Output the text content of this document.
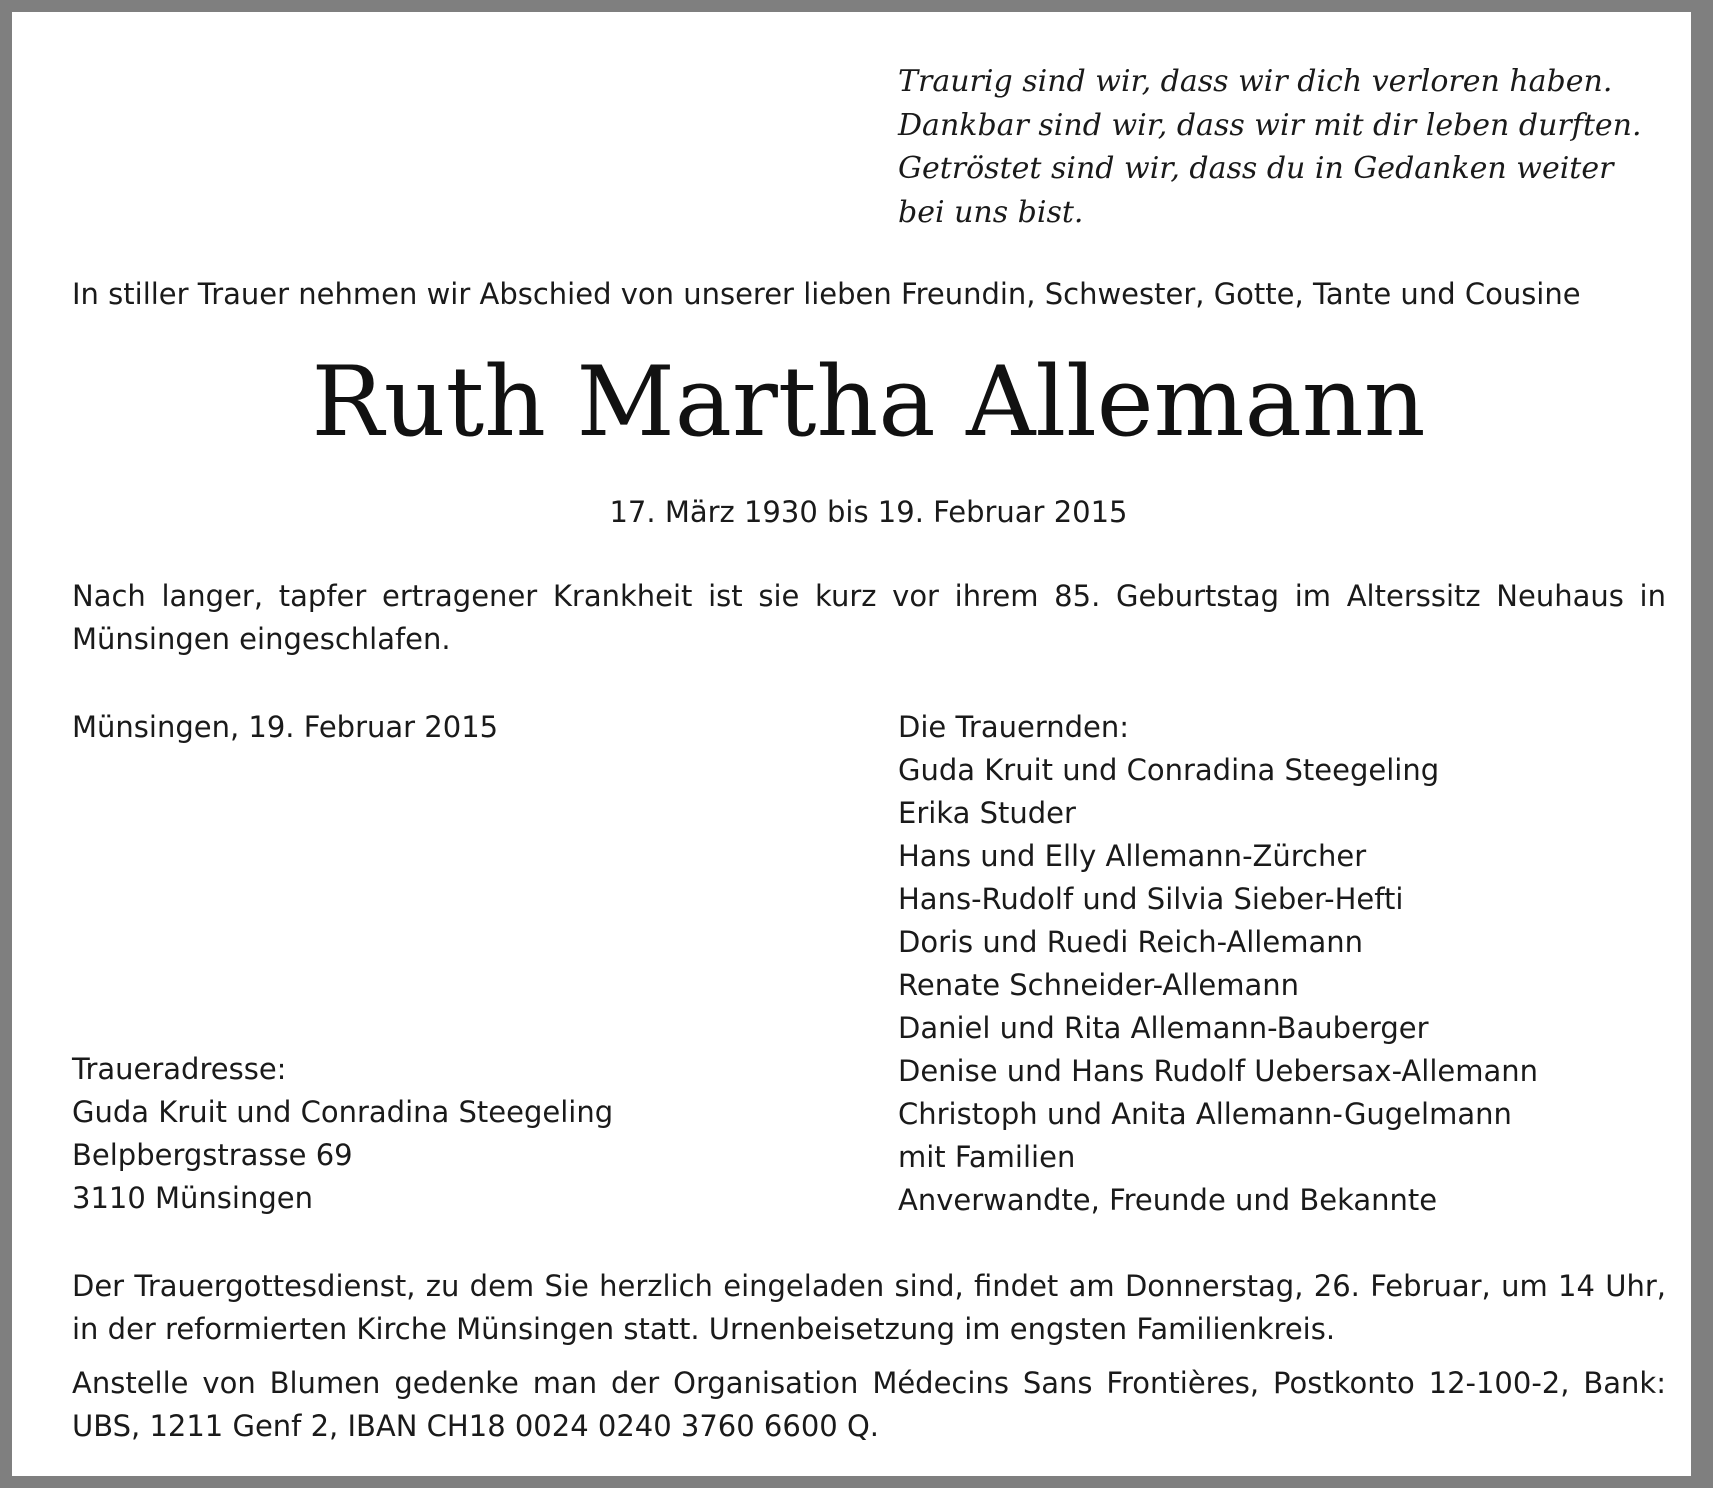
Traurig sind wir, dass wir dich verloren haben.
Dankbar sind wir, dass wir mit dir leben durften.
Getröstet sind wir, dass du in Gedanken weiter
bei uns bist.

In stiller Trauer nehmen wir Abschied von unserer lieben Freundin, Schwester, Gotte, Tante und Cousine

Ruth Martha Allemann

17. März 1930 bis 19. Februar 2015

Nach langer, tapfer ertragener Krankheit ist sie kurz vor ihrem 85. Geburtstag im Alterssitz Neuhaus in Münsingen eingeschlafen.

Münsingen, 19. Februar 2015	Die Trauernden:
Guda Kruit und Conradina Steegeling
Erika Studer
Hans und Elly Allemann-Zürcher
Hans-Rudolf und Silvia Sieber-Hefti
Doris und Ruedi Reich-Allemann
Renate Schneider-Allemann
Daniel und Rita Allemann-Bauberger
Denise und Hans Rudolf Uebersax-Allemann
Christoph und Anita Allemann-Gugelmann
mit Familien
Anverwandte, Freunde und Bekannte
Traueradresse:
Guda Kruit und Conradina Steegeling
Belpbergstrasse 69
3110 Münsingen

Der Trauergottesdienst, zu dem Sie herzlich eingeladen sind, findet am Donnerstag, 26. Februar, um 14 Uhr, in der reformierten Kirche Münsingen statt. Urnenbeisetzung im engsten Familienkreis.

Anstelle von Blumen gedenke man der Organisation Médecins Sans Frontières, Postkonto 12-100-2, Bank: UBS, 1211 Genf 2, IBAN CH18 0024 0240 3760 6600 Q.
